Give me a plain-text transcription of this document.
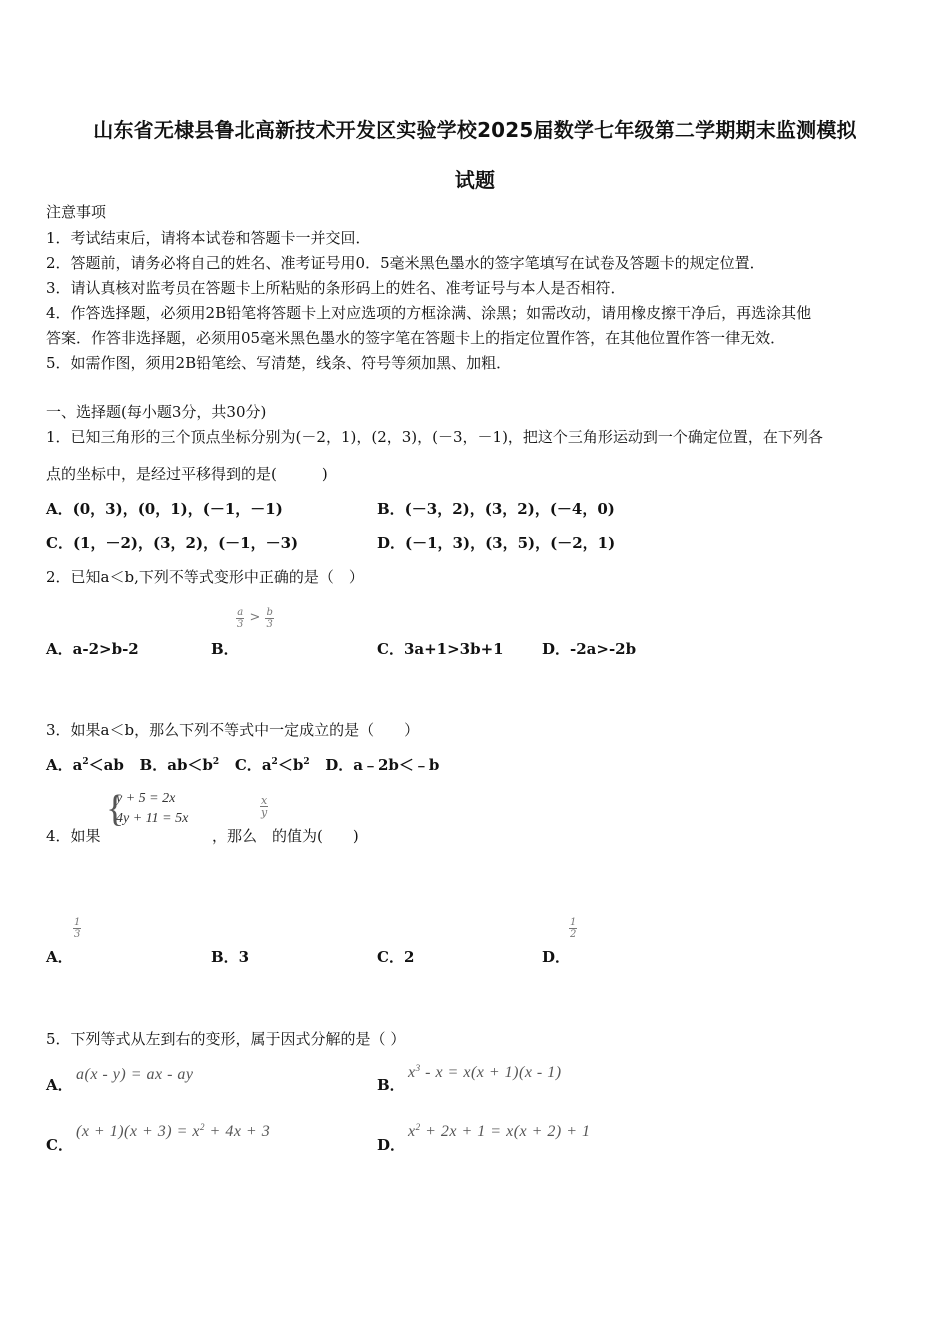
山东省无棣县鲁北高新技术开发区实验学校2025届数学七年级第二学期期末监测模拟
试题
注意事项
1．考试结束后，请将本试卷和答题卡一并交回．
2．答题前，请务必将自己的姓名、准考证号用0．5毫米黑色墨水的签字笔填写在试卷及答题卡的规定位置．
3．请认真核对监考员在答题卡上所粘贴的条形码上的姓名、准考证号与本人是否相符．
4．作答选择题，必须用2B铅笔将答题卡上对应选项的方框涂满、涂黑；如需改动，请用橡皮擦干净后，再选涂其他
答案．作答非选择题，必须用05毫米黑色墨水的签字笔在答题卡上的指定位置作答，在其他位置作答一律无效．
5．如需作图，须用2B铅笔绘、写清楚，线条、符号等须加黑、加粗．
一、选择题(每小题3分，共30分)
1．已知三角形的三个顶点坐标分别为(－2，1)，(2，3)，(－3，－1)，把这个三角形运动到一个确定位置，在下列各
点的坐标中，是经过平移得到的是(　　　)
A．(0，3)，(0，1)，(－1，－1)	B．(－3，2)，(3，2)，(－4，0)
C．(1，－2)，(3，2)，(－1，－3)	D．(－1，3)，(3，5)，(－2，1)
2．已知a＜b,下列不等式变形中正确的是（　）
$\frac{a}{3} ^> \frac{b}{3}$
A．a-2>b-2	B．	C．3a+1>3b+1	D．-2a>-2b
3．如果a＜b，那么下列不等式中一定成立的是（　　）
A．$a^2<ab$ B．$ab<b^2$ C．$a^2<b^2$ D．a﹣2b＜﹣b
{
y + 5 = 2x
4y + 11 = 5x
$\frac{x}{y}$
4．如果	，那么 的值为(　　)
$\frac{1}{3}$	$\frac{1}{2}$
A．	B．3	C．2	D．
5．下列等式从左到右的变形，属于因式分解的是（ ）
A．
a(x - y) = ax - ay
B．
$x^3 - x = x(x + 1)(x - 1)$
C．
$(x + 1)(x + 3) = x^2 + 4x + 3$
D．
$x^2 + 2x + 1 = x(x + 2) + 1$
